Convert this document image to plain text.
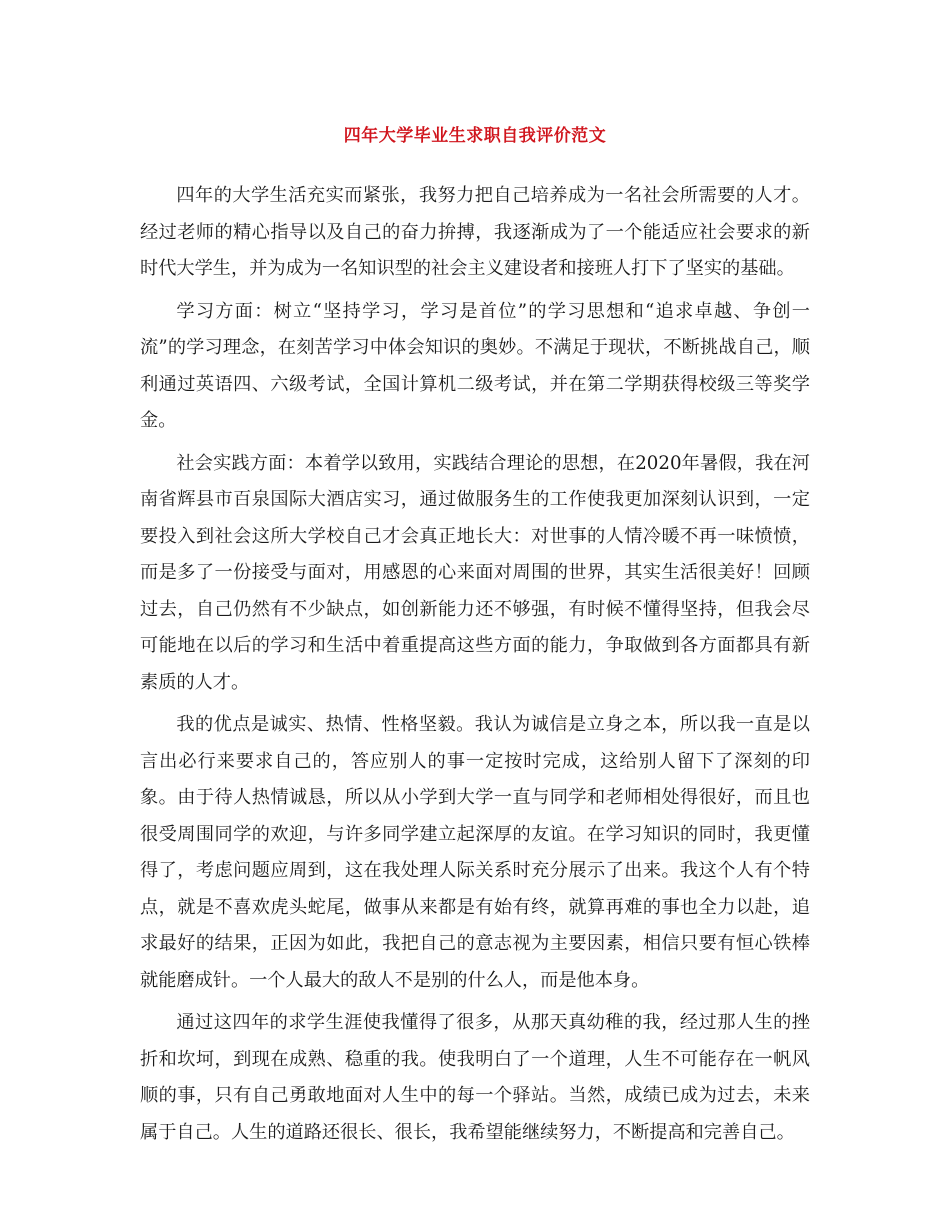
四年大学毕业生求职自我评价范文

四年的大学生活充实而紧张，我努力把自己培养成为一名社会所需要的人才。经过老师的精心指导以及自己的奋力拚搏，我逐渐成为了一个能适应社会要求的新时代大学生，并为成为一名知识型的社会主义建设者和接班人打下了坚实的基础。

学习方面：树立“坚持学习，学习是首位”的学习思想和“追求卓越、争创一流”的学习理念，在刻苦学习中体会知识的奥妙。不满足于现状，不断挑战自己，顺利通过英语四、六级考试，全国计算机二级考试，并在第二学期获得校级三等奖学金。

社会实践方面：本着学以致用，实践结合理论的思想，在2020年暑假，我在河南省辉县市百泉国际大酒店实习，通过做服务生的工作使我更加深刻认识到，一定要投入到社会这所大学校自己才会真正地长大：对世事的人情冷暖不再一味愤愤，而是多了一份接受与面对，用感恩的心来面对周围的世界，其实生活很美好！回顾过去，自己仍然有不少缺点，如创新能力还不够强，有时候不懂得坚持，但我会尽可能地在以后的学习和生活中着重提高这些方面的能力，争取做到各方面都具有新素质的人才。

我的优点是诚实、热情、性格坚毅。我认为诚信是立身之本，所以我一直是以言出必行来要求自己的，答应别人的事一定按时完成，这给别人留下了深刻的印象。由于待人热情诚恳，所以从小学到大学一直与同学和老师相处得很好，而且也很受周围同学的欢迎，与许多同学建立起深厚的友谊。在学习知识的同时，我更懂得了，考虑问题应周到，这在我处理人际关系时充分展示了出来。我这个人有个特点，就是不喜欢虎头蛇尾，做事从来都是有始有终，就算再难的事也全力以赴，追求最好的结果，正因为如此，我把自己的意志视为主要因素，相信只要有恒心铁棒就能磨成针。一个人最大的敌人不是别的什么人，而是他本身。

通过这四年的求学生涯使我懂得了很多，从那天真幼稚的我，经过那人生的挫折和坎坷，到现在成熟、稳重的我。使我明白了一个道理，人生不可能存在一帆风顺的事，只有自己勇敢地面对人生中的每一个驿站。当然，成绩已成为过去，未来属于自己。人生的道路还很长、很长，我希望能继续努力，不断提高和完善自己。
